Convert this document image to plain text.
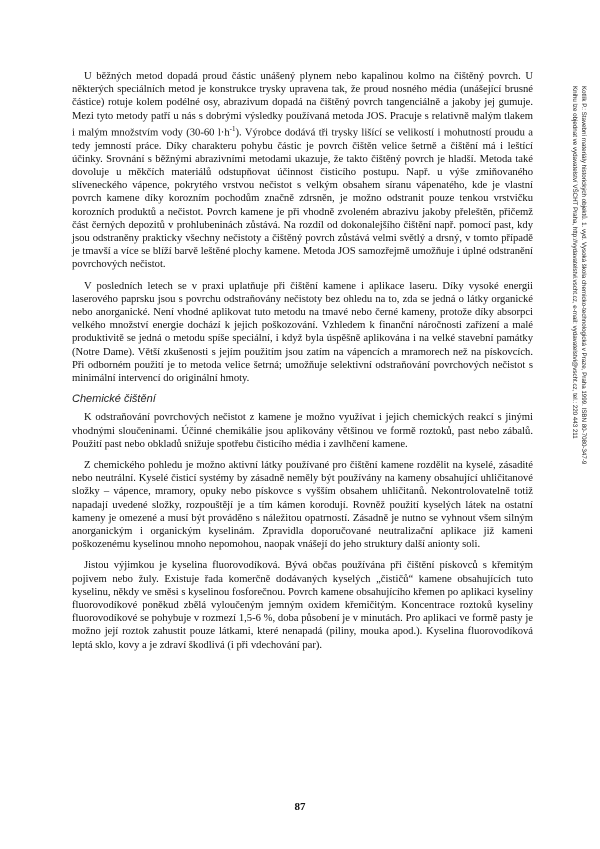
U běžných metod dopadá proud částic unášený plynem nebo kapalinou kolmo na čištěný povrch. U některých speciálních metod je konstrukce trysky upravena tak, že proud nosného média (unášející brusné částice) rotuje kolem podélné osy, abrazivum dopadá na čištěný povrch tangenciálně a jakoby jej gumuje. Mezi tyto metody patří u nás s dobrými výsledky používaná metoda JOS. Pracuje s relativně malým tlakem i malým množstvím vody (30-60 $l\cdot h^{-1}$). Výrobce dodává tři trysky lišící se velikostí i mohutností proudu a tedy jemností práce. Díky charakteru pohybu částic je povrch čištěn velice šetrně a čištění má i leštící účinky. Srovnání s běžnými abrazivními metodami ukazuje, že takto čištěný povrch je hladší. Metoda také dovoluje u měkčích materiálů odstupňovat účinnost čisticího postupu. Např. u výše zmiňovaného slíveneckého vápence, pokrytého vrstvou nečistot s velkým obsahem síranu vápenatého, kde je vlastní povrch kamene díky korozním pochodům značně zdrsněn, je možno odstranit pouze tenkou vrstvičku korozních produktů a nečistot. Povrch kamene je při vhodně zvoleném abrazivu jakoby přeleštěn, přičemž část černých depozitů v prohlubeninách zůstává. Na rozdíl od dokonalejšího čištění např. pomocí past, kdy jsou odstraněny prakticky všechny nečistoty a čištěný povrch zůstává velmi světlý a drsný, v tomto případě je tmavší a více se blíží barvě leštěné plochy kamene. Metoda JOS samozřejmě umožňuje i úplné odstranění povrchových nečistot.

V posledních letech se v praxi uplatňuje při čištění kamene i aplikace laseru. Díky vysoké energii laserového paprsku jsou s povrchu odstraňovány nečistoty bez ohledu na to, zda se jedná o látky organické nebo anorganické. Není vhodné aplikovat tuto metodu na tmavé nebo černé kameny, protože díky absorpci velkého množství energie dochází k jejich poškozování. Vzhledem k finanční náročnosti zařízení a malé produktivitě se jedná o metodu spíše speciální, i když byla úspěšně aplikována i na velké stavební památky (Notre Dame). Větší zkušenosti s jejím použitím jsou zatím na vápencích a mramorech než na pískovcích. Při odborném použití je to metoda velice šetrná; umožňuje selektivní odstraňování povrchových nečistot s minimální intervencí do originální hmoty.

Chemické čištění

K odstraňování povrchových nečistot z kamene je možno využívat i jejich chemických reakcí s jinými vhodnými sloučeninami. Účinné chemikálie jsou aplikovány většinou ve formě roztoků, past nebo zábalů. Použití past nebo obkladů snižuje spotřebu čisticího média i zavlhčení kamene.

Z chemického pohledu je možno aktivní látky používané pro čištění kamene rozdělit na kyselé, zásadité nebo neutrální. Kyselé čisticí systémy by zásadně neměly být používány na kameny obsahující uhličitanové složky – vápence, mramory, opuky nebo pískovce s vyšším obsahem uhličitanů. Nekontrolovatelně totiž napadají uvedené složky, rozpouštějí je a tím kámen korodují. Rovněž použití kyselých látek na ostatní kameny je omezené a musí být prováděno s náležitou opatrností. Zásadně je nutno se vyhnout všem silným anorganickým i organickým kyselinám. Zpravidla doporučované neutralizační aplikace již kameni poškozenému kyselinou mnoho nepomohou, naopak vnášejí do jeho struktury další anionty soli.

Jistou výjimkou je kyselina fluorovodíková. Bývá občas používána při čištění pískovců s křemitým pojivem nebo žuly. Existuje řada komerčně dodávaných kyselých „čističů“ kamene obsahujících tuto kyselinu, někdy ve směsi s kyselinou fosforečnou. Povrch kamene obsahujícího křemen po aplikaci kyseliny fluorovodíkové poněkud zbělá vyloučeným jemným oxidem křemičitým. Koncentrace roztoků kyseliny fluorovodíkové se pohybuje v rozmezí 1,5-6 %, doba působení je v minutách. Pro aplikaci ve formě pasty je možno její roztok zahustit pouze látkami, které nenapadá (piliny, mouka apod.). Kyselina fluorovodíková leptá sklo, kovy a je zdraví škodlivá (i při vdechování par).

Kotlík P.: Stavební materiály historických objektů. 1. vyd. Vysoká škola chemicko-technologická v Praze, Praha 1999. ISBN 80-7080-347-9
Knihu lze objednat ve vydavatelství VŠCHT Praha, http://vydavatelstvi.vscht.cz, e-mail: vydavatelstvi@vscht.cz, tel.: 220 443 211
87
